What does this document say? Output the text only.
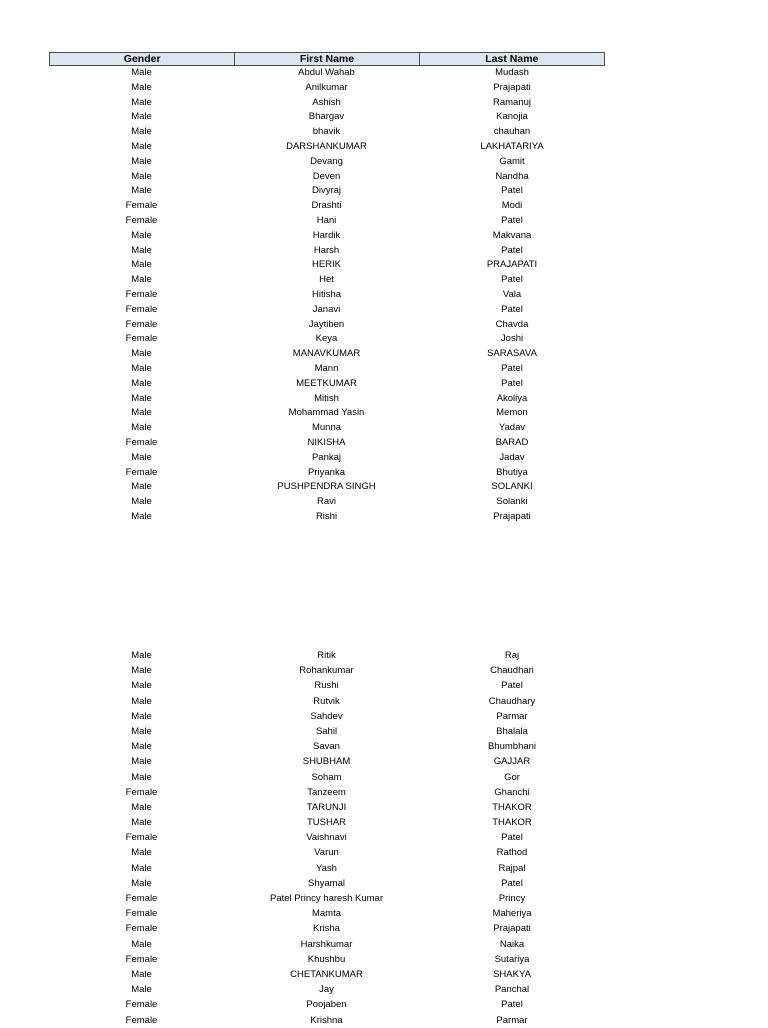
Gender	First Name	Last Name
Male	Abdul Wahab	Mudash
Male	Anilkumar	Prajapati
Male	Ashish	Ramanuj
Male	Bhargav	Kanojia
Male	bhavik	chauhan
Male	DARSHANKUMAR	LAKHATARIYA
Male	Devang	Gamit
Male	Deven	Nandha
Male	Divyraj	Patel
Female	Drashti	Modi
Female	Hani	Patel
Male	Hardik	Makvana
Male	Harsh	Patel
Male	HERIK	PRAJAPATI
Male	Het	Patel
Female	Hitisha	Vala
Female	Janavi	Patel
Female	Jaytiben	Chavda
Female	Keya	Joshi
Male	MANAVKUMAR	SARASAVA
Male	Mann	Patel
Male	MEETKUMAR	Patel
Male	Mitish	Akoliya
Male	Mohammad Yasin	Memon
Male	Munna	Yadav
Female	NIKISHA	BARAD
Male	Pankaj	Jadav
Female	Priyanka	Bhutiya
Male	PUSHPENDRA SINGH	SOLANKI
Male	Ravi	Solanki
Male	Rishi	Prajapati
Male	Ritik	Raj
Male	Rohankumar	Chaudhari
Male	Rushi	Patel
Male	Rutvik	Chaudhary
Male	Sahdev	Parmar
Male	Sahil	Bhalala
Male	Savan	Bhumbhani
Male	SHUBHAM	GAJJAR
Male	Soham	Gor
Female	Tanzeem	Ghanchi
Male	TARUNJI	THAKOR
Male	TUSHAR	THAKOR
Female	Vaishnavi	Patel
Male	Varun	Rathod
Male	Yash	Rajpal
Male	Shyamal	Patel
Female	Patel Princy haresh Kumar	Princy
Female	Mamta	Maheriya
Female	Krisha	Prajapati
Male	Harshkumar	Naika
Female	Khushbu	Sutariya
Male	CHETANKUMAR	SHAKYA
Male	Jay	Panchal
Female	Poojaben	Patel
Female	Krishna	Parmar
